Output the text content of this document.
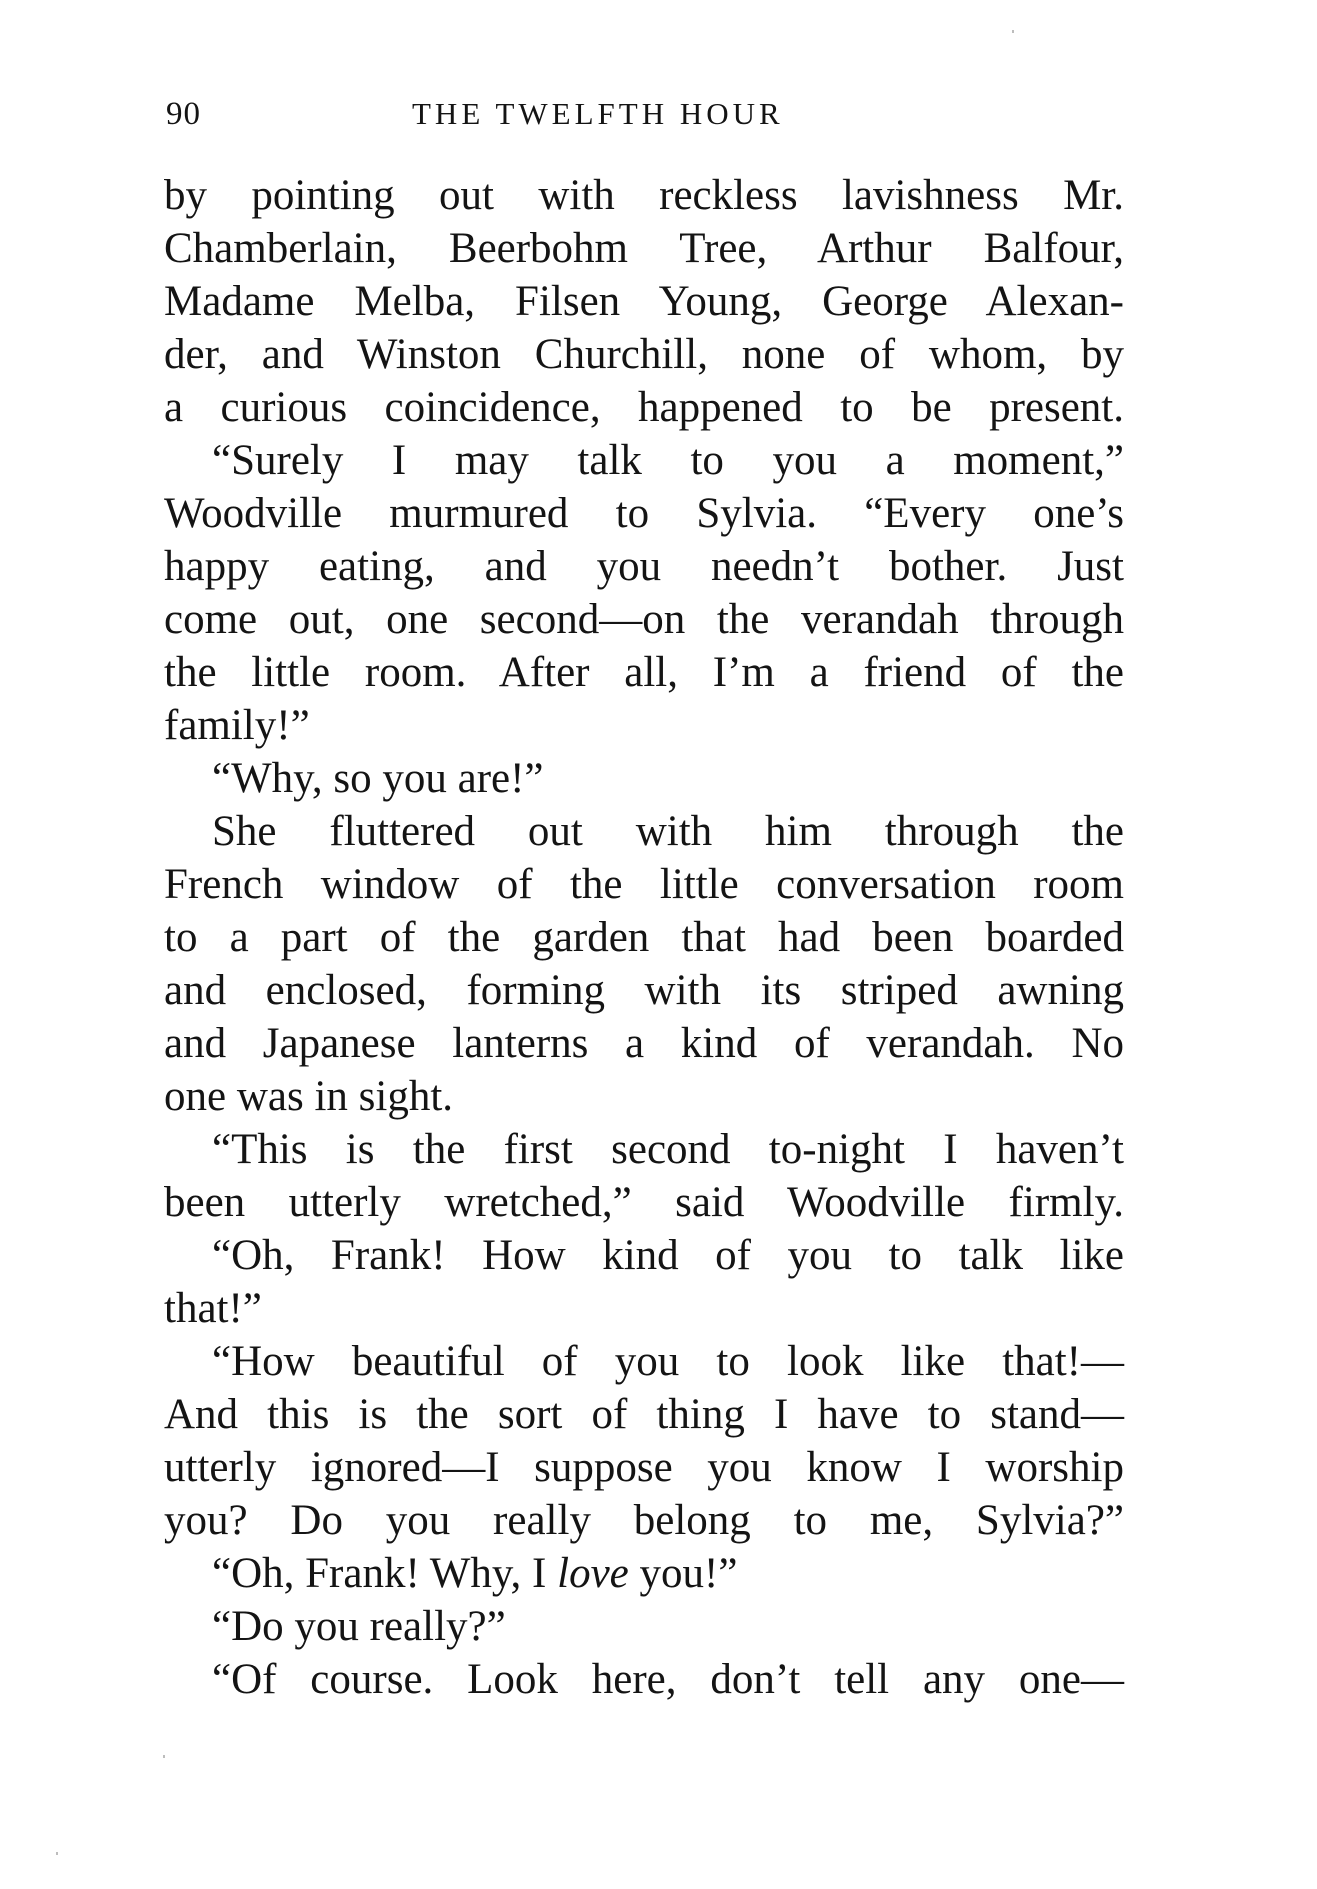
90	THE TWELFTH HOUR
by pointing out with reckless lavishness Mr.
Chamberlain, Beerbohm Tree, Arthur Balfour,
Madame Melba, Filsen Young, George Alexan-
der, and Winston Churchill, none of whom, by
a curious coincidence, happened to be present.
“Surely I may talk to you a moment,”
Woodville murmured to Sylvia. “Every one’s
happy eating, and you needn’t bother. Just
come out, one second—on the verandah through
the little room. After all, I’m a friend of the
family!”
“Why, so you are!”
She fluttered out with him through the
French window of the little conversation room
to a part of the garden that had been boarded
and enclosed, forming with its striped awning
and Japanese lanterns a kind of verandah. No
one was in sight.
“This is the first second to-night I haven’t
been utterly wretched,” said Woodville firmly.
“Oh, Frank! How kind of you to talk like
that!”
“How beautiful of you to look like that!—
And this is the sort of thing I have to stand—
utterly ignored—I suppose you know I worship
you? Do you really belong to me, Sylvia?”
“Oh, Frank! Why, I love you!”
“Do you really?”
“Of course. Look here, don’t tell any one—
